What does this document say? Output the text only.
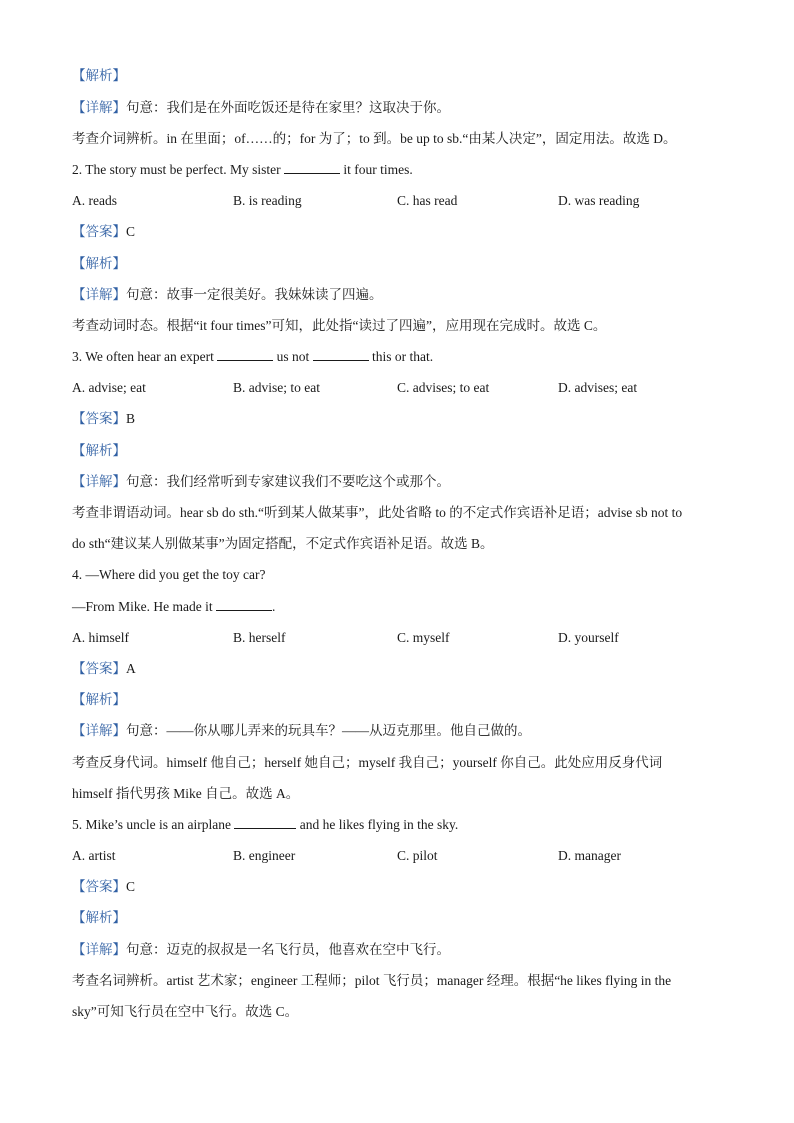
【解析】
【详解】句意：我们是在外面吃饭还是待在家里？这取决于你。
考查介词辨析。in 在里面；of……的；for 为了；to 到。be up to sb.“由某人决定”，固定用法。故选 D。
2. The story must be perfect. My sister	it four times.
A. reads	B. is reading	C. has read	D. was reading
【答案】C
【解析】
【详解】句意：故事一定很美好。我妹妹读了四遍。
考查动词时态。根据“it four times”可知，此处指“读过了四遍”，应用现在完成时。故选 C。
3. We often hear an expert	us not	this or that.
A. advise; eat	B. advise; to eat	C. advises; to eat	D. advises; eat
【答案】B
【解析】
【详解】句意：我们经常听到专家建议我们不要吃这个或那个。
考查非谓语动词。hear sb do sth.“听到某人做某事”，此处省略 to 的不定式作宾语补足语；advise sb not to
do sth“建议某人别做某事”为固定搭配，不定式作宾语补足语。故选 B。
4. —Where did you get the toy car?
—From Mike. He made it	.
A. himself	B. herself	C. myself	D. yourself
【答案】A
【解析】
【详解】句意：——你从哪儿弄来的玩具车？——从迈克那里。他自己做的。
考查反身代词。himself 他自己；herself 她自己；myself 我自己；yourself 你自己。此处应用反身代词
himself 指代男孩 Mike 自己。故选 A。
5. Mike’s uncle is an airplane	and he likes flying in the sky.
A. artist	B. engineer	C. pilot	D. manager
【答案】C
【解析】
【详解】句意：迈克的叔叔是一名飞行员，他喜欢在空中飞行。
考查名词辨析。artist 艺术家；engineer 工程师；pilot 飞行员；manager 经理。根据“he likes flying in the
sky”可知飞行员在空中飞行。故选 C。
